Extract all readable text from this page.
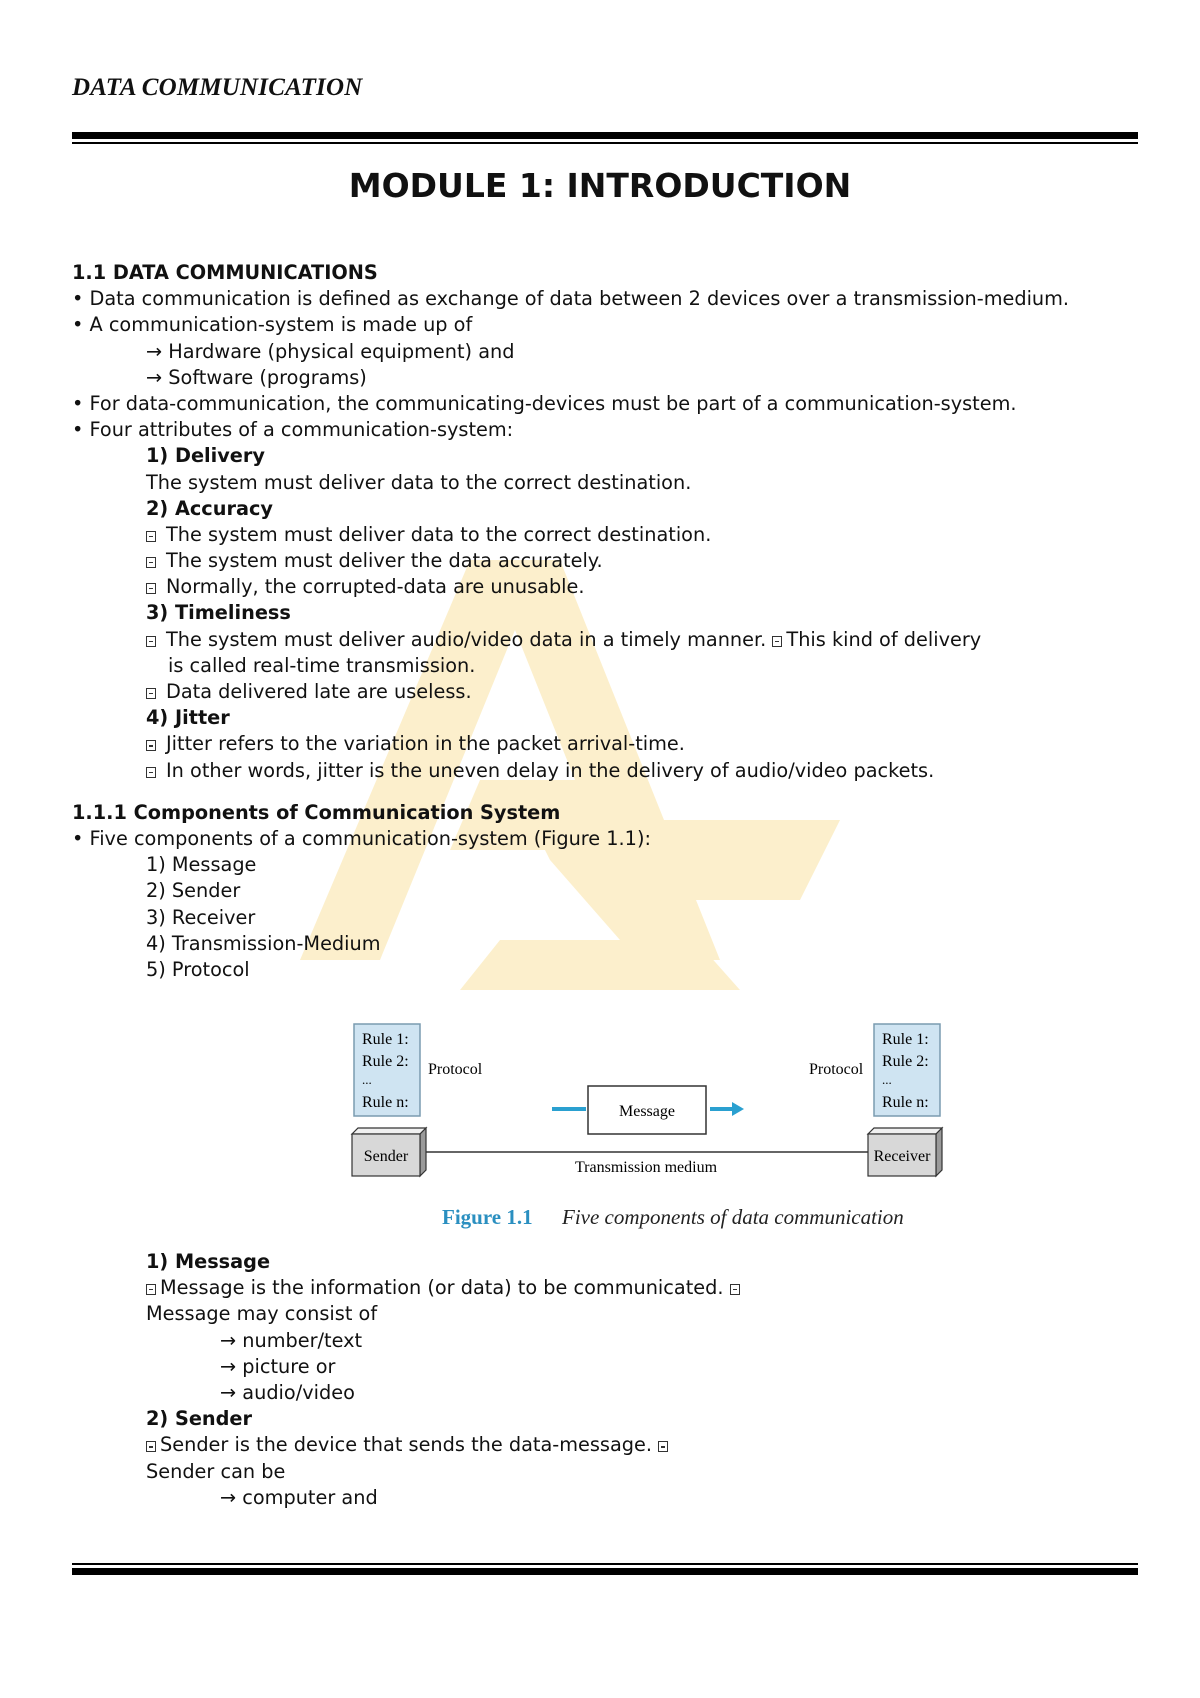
DATA COMMUNICATION
MODULE 1: INTRODUCTION
1.1 DATA COMMUNICATIONS
• Data communication is defined as exchange of data between 2 devices over a transmission-medium.
• A communication-system is made up of
→ Hardware (physical equipment) and
→ Software (programs)
• For data-communication, the communicating-devices must be part of a communication-system.
• Four attributes of a communication-system:
1) Delivery
The system must deliver data to the correct destination.
2) Accuracy
The system must deliver data to the correct destination.
The system must deliver the data accurately.
Normally, the corrupted-data are unusable.
3) Timeliness
The system must deliver audio/video data in a timely manner. This kind of delivery
is called real-time transmission.
Data delivered late are useless.
4) Jitter
Jitter refers to the variation in the packet arrival-time.
In other words, jitter is the uneven delay in the delivery of audio/video packets.
1.1.1 Components of Communication System
• Five components of a communication-system (Figure 1.1):
1) Message
2) Sender
3) Receiver
4) Transmission-Medium
5) Protocol
1) Message
Message is the information (or data) to be communicated.
Message may consist of
→ number/text
→ picture or
→ audio/video
2) Sender
Sender is the device that sends the data-message.
Sender can be
→ computer and
Rule 1:
Rule 2:
...
Rule n:
Protocol
Rule 1:
Rule 2:
...
Rule n:
Protocol
Message
Transmission medium
Sender	Receiver
Figure 1.1 Five components of data communication
